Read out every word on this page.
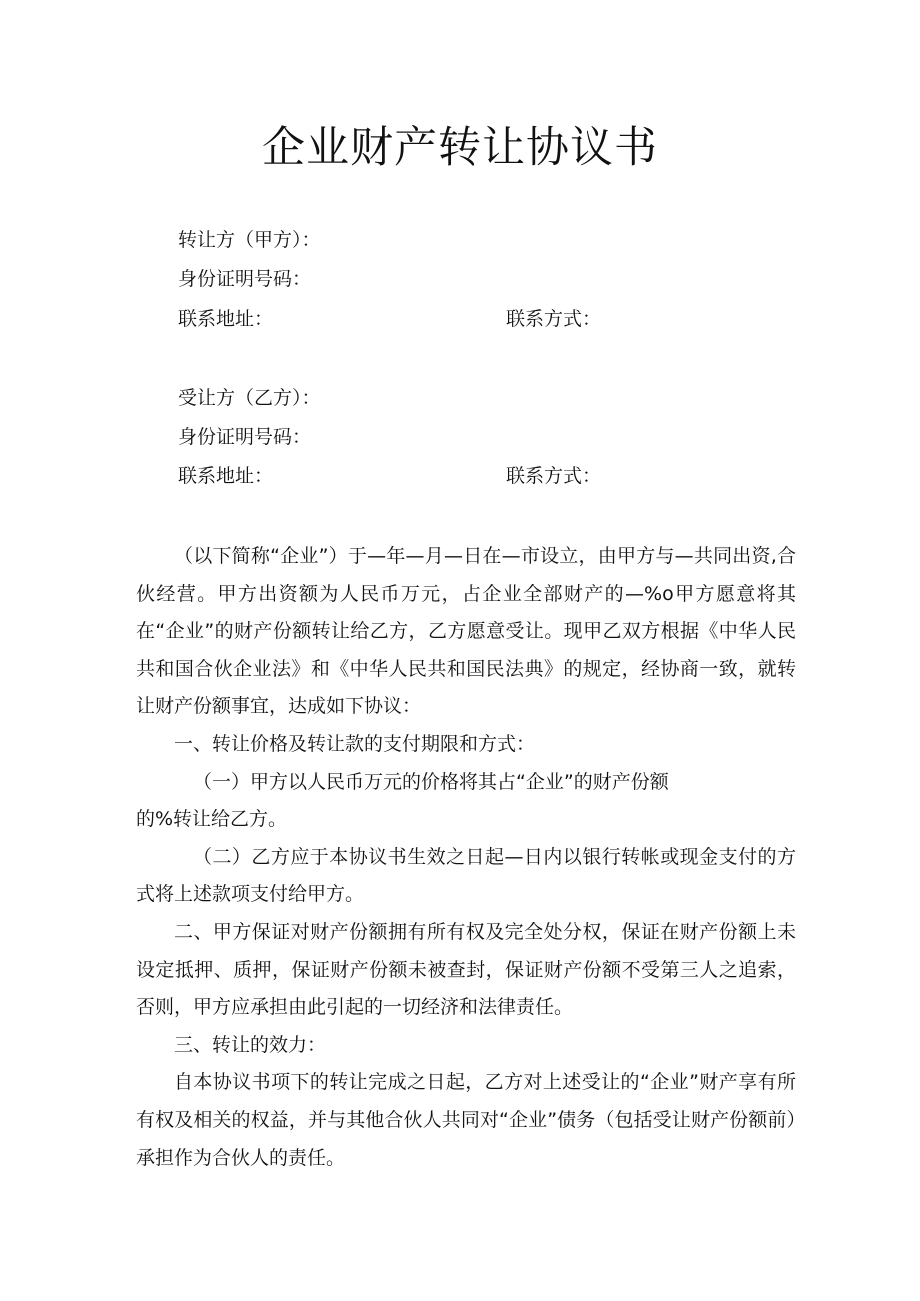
企业财产转让协议书
转让方（甲方）：
身份证明号码：
联系地址：	联系方式：
受让方（乙方）：
身份证明号码：
联系地址：	联系方式：

（以下简称“企业”）于—年—月—日在—市设立，由甲方与—共同出资,合伙经营。甲方出资额为人民币万元，占企业全部财产的—%o甲方愿意将其在“企业”的财产份额转让给乙方，乙方愿意受让。现甲乙双方根据《中华人民共和国合伙企业法》和《中华人民共和国民法典》的规定，经协商一致，就转让财产份额事宜，达成如下协议：

一、转让价格及转让款的支付期限和方式：

（一）甲方以人民币万元的价格将其占“企业”的财产份额

的%转让给乙方。

（二）乙方应于本协议书生效之日起—日内以银行转帐或现金支付的方式将上述款项支付给甲方。

二、甲方保证对财产份额拥有所有权及完全处分权，保证在财产份额上未设定抵押、质押，保证财产份额未被查封，保证财产份额不受第三人之追索，否则，甲方应承担由此引起的一切经济和法律责任。

三、转让的效力：

自本协议书项下的转让完成之日起，乙方对上述受让的“企业”财产享有所有权及相关的权益，并与其他合伙人共同对“企业”债务（包括受让财产份额前）承担作为合伙人的责任。
